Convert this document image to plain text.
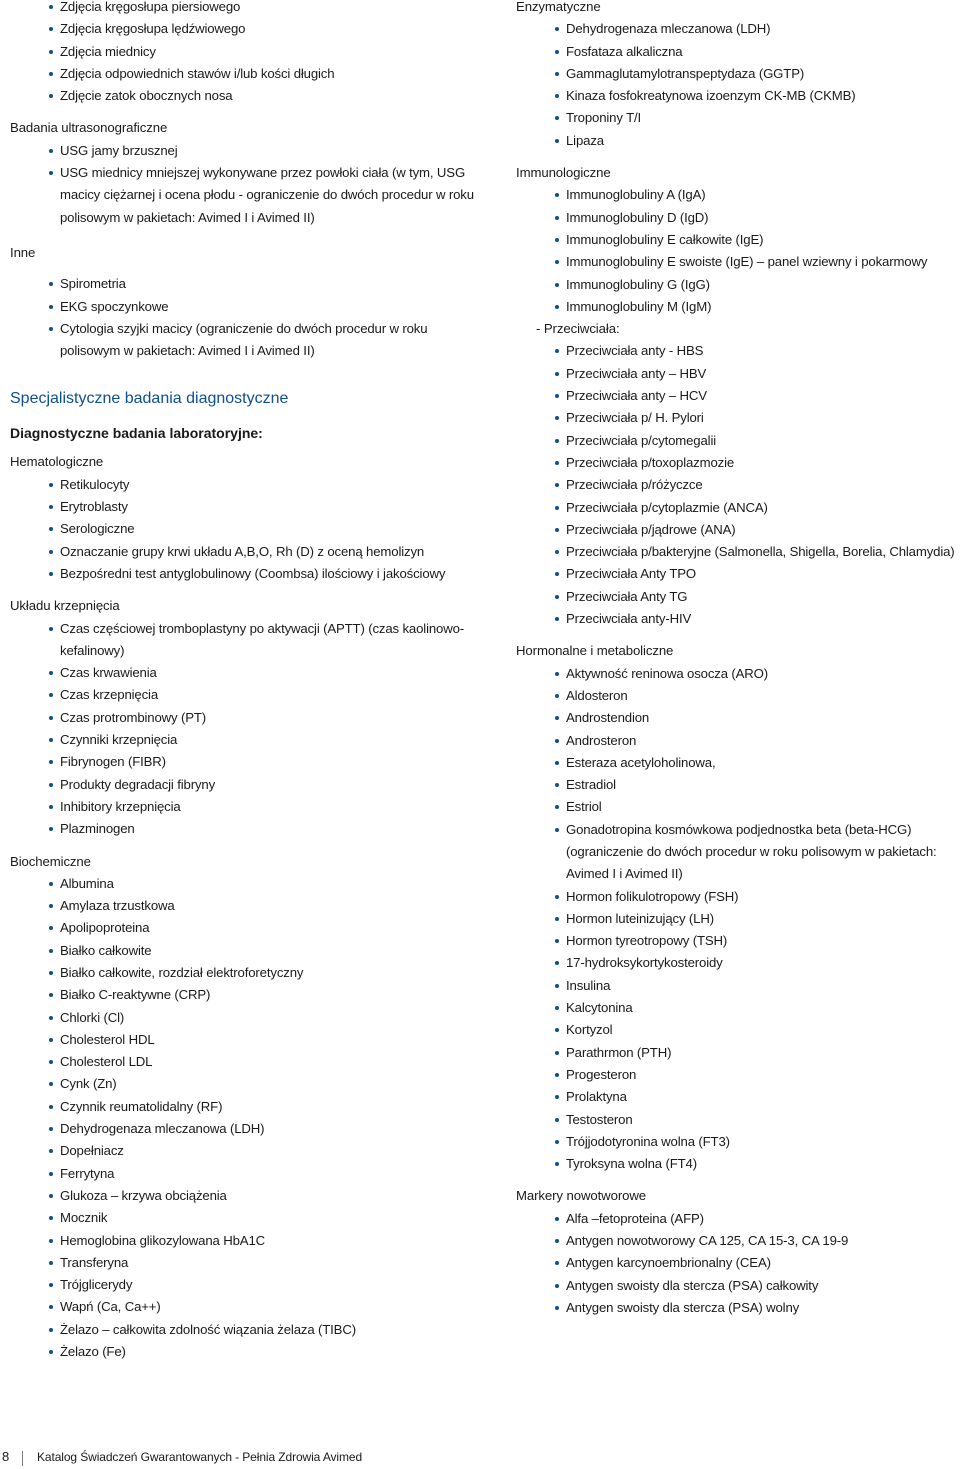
Zdjęcia kręgosłupa piersiowego
Zdjęcia kręgosłupa lędźwiowego
Zdjęcia miednicy
Zdjęcia odpowiednich stawów i/lub kości długich
Zdjęcie zatok obocznych nosa
Badania ultrasonograficzne
USG jamy brzusznej
USG miednicy mniejszej wykonywane przez powłoki ciała (w tym, USG
macicy ciężarnej i ocena płodu - ograniczenie do dwóch procedur w roku
polisowym w pakietach: Avimed I i Avimed II)
Inne
Spirometria
EKG spoczynkowe
Cytologia szyjki macicy (ograniczenie do dwóch procedur w roku
polisowym w pakietach: Avimed I i Avimed II)
Specjalistyczne badania diagnostyczne
Diagnostyczne badania laboratoryjne:
Hematologiczne
Retikulocyty
Erytroblasty
Serologiczne
Oznaczanie grupy krwi układu A,B,O, Rh (D) z oceną hemolizyn
Bezpośredni test antyglobulinowy (Coombsa) ilościowy i jakościowy
Układu krzepnięcia
Czas częściowej tromboplastyny po aktywacji (APTT) (czas kaolinowo-
kefalinowy)
Czas krwawienia
Czas krzepnięcia
Czas protrombinowy (PT)
Czynniki krzepnięcia
Fibrynogen (FIBR)
Produkty degradacji fibryny
Inhibitory krzepnięcia
Plazminogen
Biochemiczne
Albumina
Amylaza trzustkowa
Apolipoproteina
Białko całkowite
Białko całkowite, rozdział elektroforetyczny
Białko C-reaktywne (CRP)
Chlorki (Cl)
Cholesterol HDL
Cholesterol LDL
Cynk (Zn)
Czynnik reumatolidalny (RF)
Dehydrogenaza mleczanowa (LDH)
Dopełniacz
Ferrytyna
Glukoza – krzywa obciążenia
Mocznik
Hemoglobina glikozylowana HbA1C
Transferyna
Trójglicerydy
Wapń (Ca, Ca++)
Żelazo – całkowita zdolność wiązania żelaza (TIBC)
Żelazo (Fe)
Enzymatyczne
Dehydrogenaza mleczanowa (LDH)
Fosfataza alkaliczna
Gammaglutamylotranspeptydaza (GGTP)
Kinaza fosfokreatynowa izoenzym CK-MB (CKMB)
Troponiny T/I
Lipaza
Immunologiczne
Immunoglobuliny A (IgA)
Immunoglobuliny D (IgD)
Immunoglobuliny E całkowite (IgE)
Immunoglobuliny E swoiste (IgE) – panel wziewny i pokarmowy
Immunoglobuliny G (IgG)
Immunoglobuliny M (IgM)
- Przeciwciała:
Przeciwciała anty - HBS
Przeciwciała anty – HBV
Przeciwciała anty – HCV
Przeciwciała p/ H. Pylori
Przeciwciała p/cytomegalii
Przeciwciała p/toxoplazmozie
Przeciwciała p/różyczce
Przeciwciała p/cytoplazmie (ANCA)
Przeciwciała p/jądrowe (ANA)
Przeciwciała p/bakteryjne (Salmonella, Shigella, Borelia, Chlamydia)
Przeciwciała Anty TPO
Przeciwciała Anty TG
Przeciwciała anty-HIV
Hormonalne i metaboliczne
Aktywność reninowa osocza (ARO)
Aldosteron
Androstendion
Androsteron
Esteraza acetyloholinowa,
Estradiol
Estriol
Gonadotropina kosmówkowa podjednostka beta (beta-HCG)
(ograniczenie do dwóch procedur w roku polisowym w pakietach:
Avimed I i Avimed II)
Hormon folikulotropowy (FSH)
Hormon luteinizujący (LH)
Hormon tyreotropowy (TSH)
17-hydroksykortykosteroidy
Insulina
Kalcytonina
Kortyzol
Parathrmon (PTH)
Progesteron
Prolaktyna
Testosteron
Trójjodotyronina wolna (FT3)
Tyroksyna wolna (FT4)
Markery nowotworowe
Alfa –fetoproteina (AFP)
Antygen nowotworowy CA 125, CA 15-3, CA 19-9
Antygen karcynoembrionalny (CEA)
Antygen swoisty dla stercza (PSA) całkowity
Antygen swoisty dla stercza (PSA) wolny
8 Katalog Świadczeń Gwarantowanych - Pełnia Zdrowia Avimed
